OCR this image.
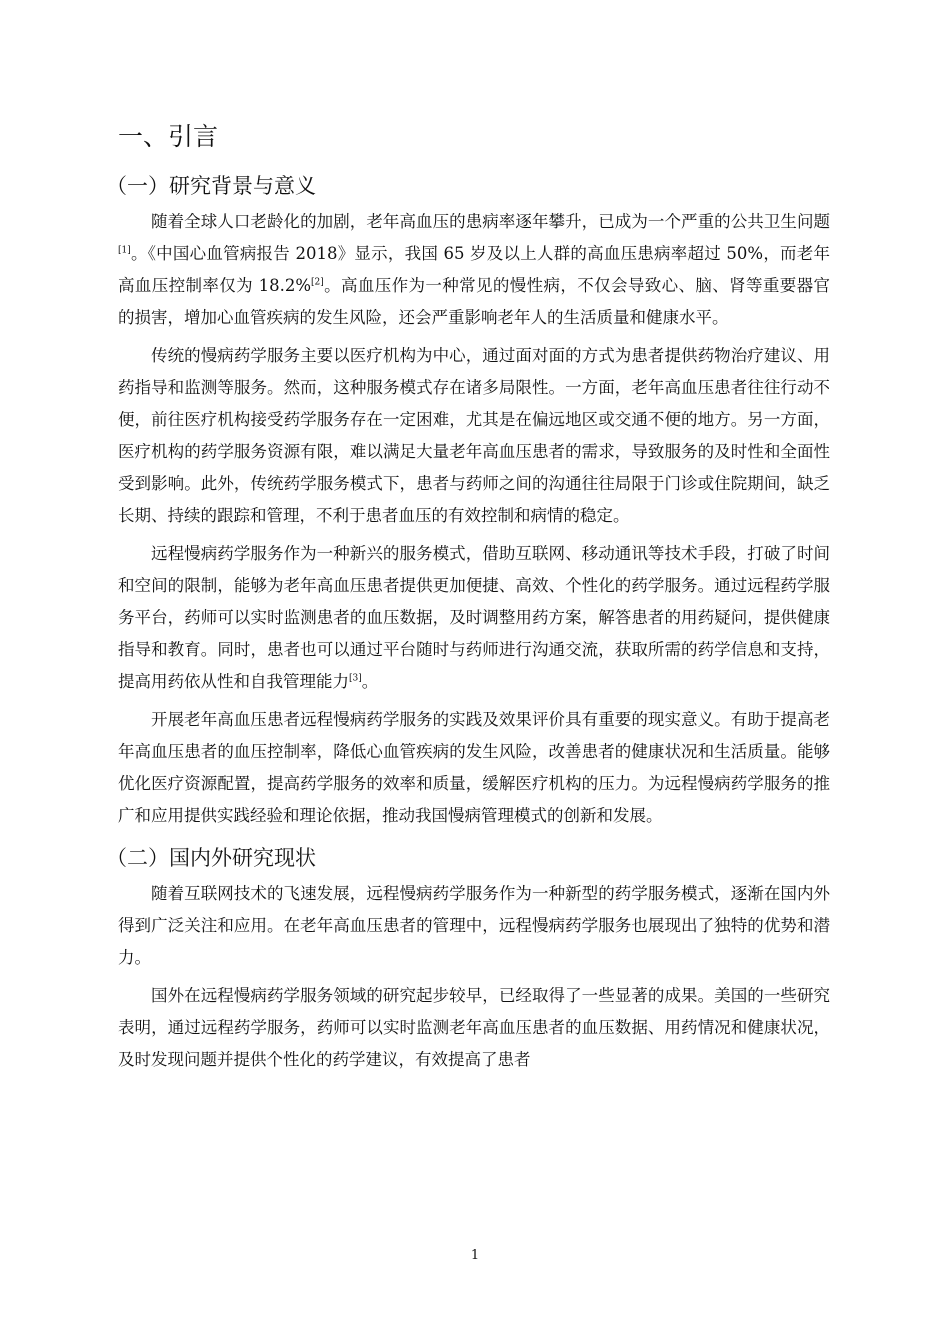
一、引言
（一）研究背景与意义

随着全球人口老龄化的加剧，老年高血压的患病率逐年攀升，已成为一个严重的公共卫生问题[1]。《中国心血管病报告 2018》显示，我国 65 岁及以上人群的高血压患病率超过 50%，而老年高血压控制率仅为 18.2%[2]。高血压作为一种常见的慢性病，不仅会导致心、脑、肾等重要器官的损害，增加心血管疾病的发生风险，还会严重影响老年人的生活质量和健康水平。

传统的慢病药学服务主要以医疗机构为中心，通过面对面的方式为患者提供药物治疗建议、用药指导和监测等服务。然而，这种服务模式存在诸多局限性。一方面，老年高血压患者往往行动不便，前往医疗机构接受药学服务存在一定困难，尤其是在偏远地区或交通不便的地方。另一方面，医疗机构的药学服务资源有限，难以满足大量老年高血压患者的需求，导致服务的及时性和全面性受到影响。此外，传统药学服务模式下，患者与药师之间的沟通往往局限于门诊或住院期间，缺乏长期、持续的跟踪和管理，不利于患者血压的有效控制和病情的稳定。

远程慢病药学服务作为一种新兴的服务模式，借助互联网、移动通讯等技术手段，打破了时间和空间的限制，能够为老年高血压患者提供更加便捷、高效、个性化的药学服务。通过远程药学服务平台，药师可以实时监测患者的血压数据，及时调整用药方案，解答患者的用药疑问，提供健康指导和教育。同时，患者也可以通过平台随时与药师进行沟通交流，获取所需的药学信息和支持，提高用药依从性和自我管理能力[3]。

开展老年高血压患者远程慢病药学服务的实践及效果评价具有重要的现实意义。有助于提高老年高血压患者的血压控制率，降低心血管疾病的发生风险，改善患者的健康状况和生活质量。能够优化医疗资源配置，提高药学服务的效率和质量，缓解医疗机构的压力。为远程慢病药学服务的推广和应用提供实践经验和理论依据，推动我国慢病管理模式的创新和发展。

（二）国内外研究现状

随着互联网技术的飞速发展，远程慢病药学服务作为一种新型的药学服务模式，逐渐在国内外得到广泛关注和应用。在老年高血压患者的管理中，远程慢病药学服务也展现出了独特的优势和潜力。

国外在远程慢病药学服务领域的研究起步较早，已经取得了一些显著的成果。美国的一些研究表明，通过远程药学服务，药师可以实时监测老年高血压患者的血压数据、用药情况和健康状况，及时发现问题并提供个性化的药学建议，有效提高了患者

1
